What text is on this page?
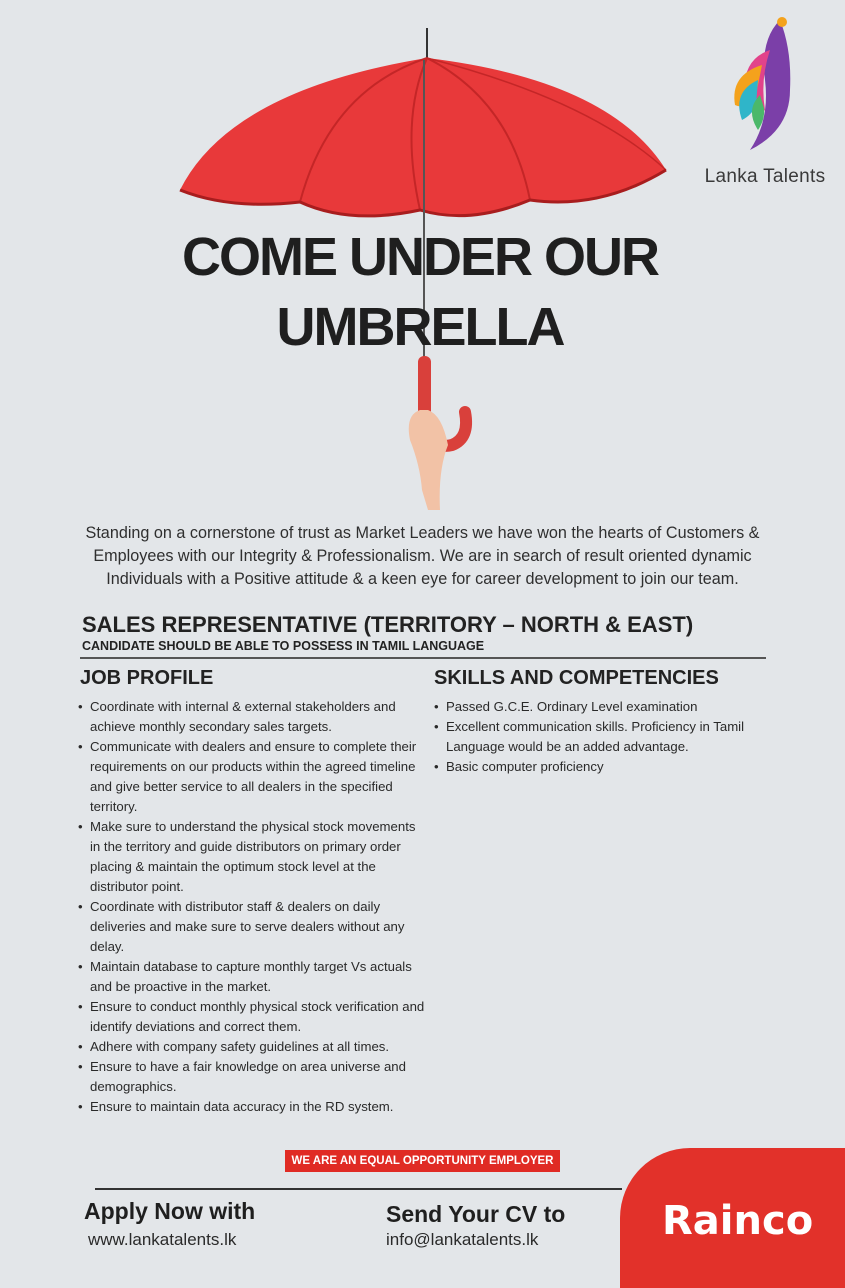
Lanka Talents
COME UNDER OUR
UMBRELLA
Standing on a cornerstone of trust as Market Leaders we have won the hearts of Customers &
Employees with our Integrity & Professionalism. We are in search of result oriented dynamic
Individuals with a Positive attitude & a keen eye for career development to join our team.
SALES REPRESENTATIVE (TERRITORY – NORTH & EAST)
CANDIDATE SHOULD BE ABLE TO POSSESS IN TAMIL LANGUAGE
JOB PROFILE
• Coordinate with internal & external stakeholders and achieve monthly secondary sales targets.
• Communicate with dealers and ensure to complete their requirements on our products within the agreed timeline and give better service to all dealers in the specified territory.
• Make sure to understand the physical stock movements in the territory and guide distributors on primary order placing & maintain the optimum stock level at the distributor point.
• Coordinate with distributor staff & dealers on daily deliveries and make sure to serve dealers without any delay.
• Maintain database to capture monthly target Vs actuals and be proactive in the market.
• Ensure to conduct monthly physical stock verification and identify deviations and correct them.
• Adhere with company safety guidelines at all times.
• Ensure to have a fair knowledge on area universe and demographics.
• Ensure to maintain data accuracy in the RD system.
SKILLS AND COMPETENCIES
• Passed G.C.E. Ordinary Level examination
• Excellent communication skills. Proficiency in Tamil Language would be an added advantage.
• Basic computer proficiency
WE ARE AN EQUAL OPPORTUNITY EMPLOYER
Apply Now with
www.lankatalents.lk
Send Your CV to
info@lankatalents.lk	Rainco
